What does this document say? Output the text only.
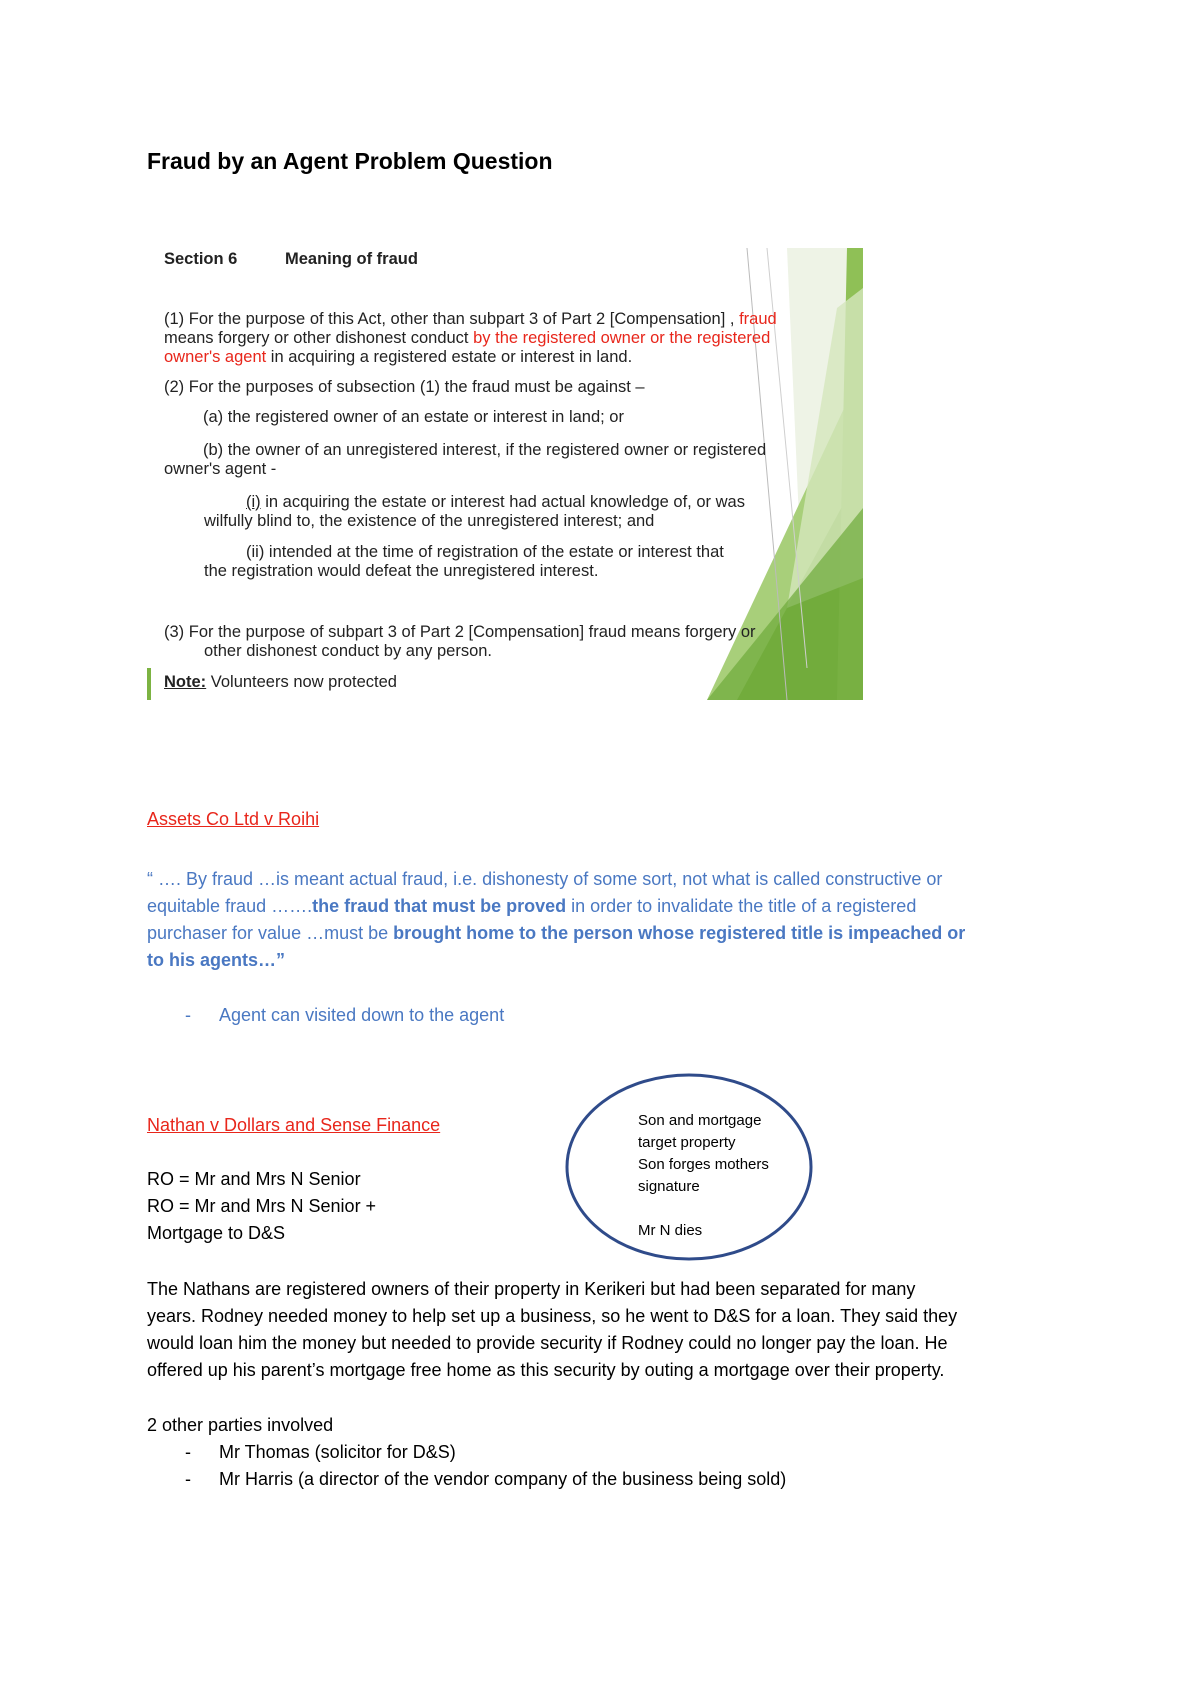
Fraud by an Agent Problem Question
Section 6	Meaning of fraud
(1) For the purpose of this Act, other than subpart 3 of Part 2 [Compensation] , fraud
means forgery or other dishonest conduct by the registered owner or the registered
owner's agent in acquiring a registered estate or interest in land.
(2) For the purposes of subsection (1) the fraud must be against –
(a) the registered owner of an estate or interest in land; or
(b) the owner of an unregistered interest, if the registered owner or registered
owner's agent -
(i) in acquiring the estate or interest had actual knowledge of, or was
wilfully blind to, the existence of the unregistered interest; and
(ii) intended at the time of registration of the estate or interest that
the registration would defeat the unregistered interest.
(3) For the purpose of subpart 3 of Part 2 [Compensation] fraud means forgery or
other dishonest conduct by any person.
Note: Volunteers now protected
Assets Co Ltd v Roihi
“ …. By fraud …is meant actual fraud, i.e. dishonesty of some sort, not what is called constructive or
equitable fraud …….the fraud that must be proved in order to invalidate the title of a registered
purchaser for value …must be brought home to the person whose registered title is impeached or
to his agents…”
- Agent can visited down to the agent
Nathan v Dollars and Sense Finance
RO = Mr and Mrs N Senior
RO = Mr and Mrs N Senior +
Mortgage to D&S
Son and mortgage
target property
Son forges mothers
signature
Mr N dies
The Nathans are registered owners of their property in Kerikeri but had been separated for many
years. Rodney needed money to help set up a business, so he went to D&S for a loan. They said they
would loan him the money but needed to provide security if Rodney could no longer pay the loan. He
offered up his parent’s mortgage free home as this security by outing a mortgage over their property.
2 other parties involved
- Mr Thomas (solicitor for D&S)
- Mr Harris (a director of the vendor company of the business being sold)
